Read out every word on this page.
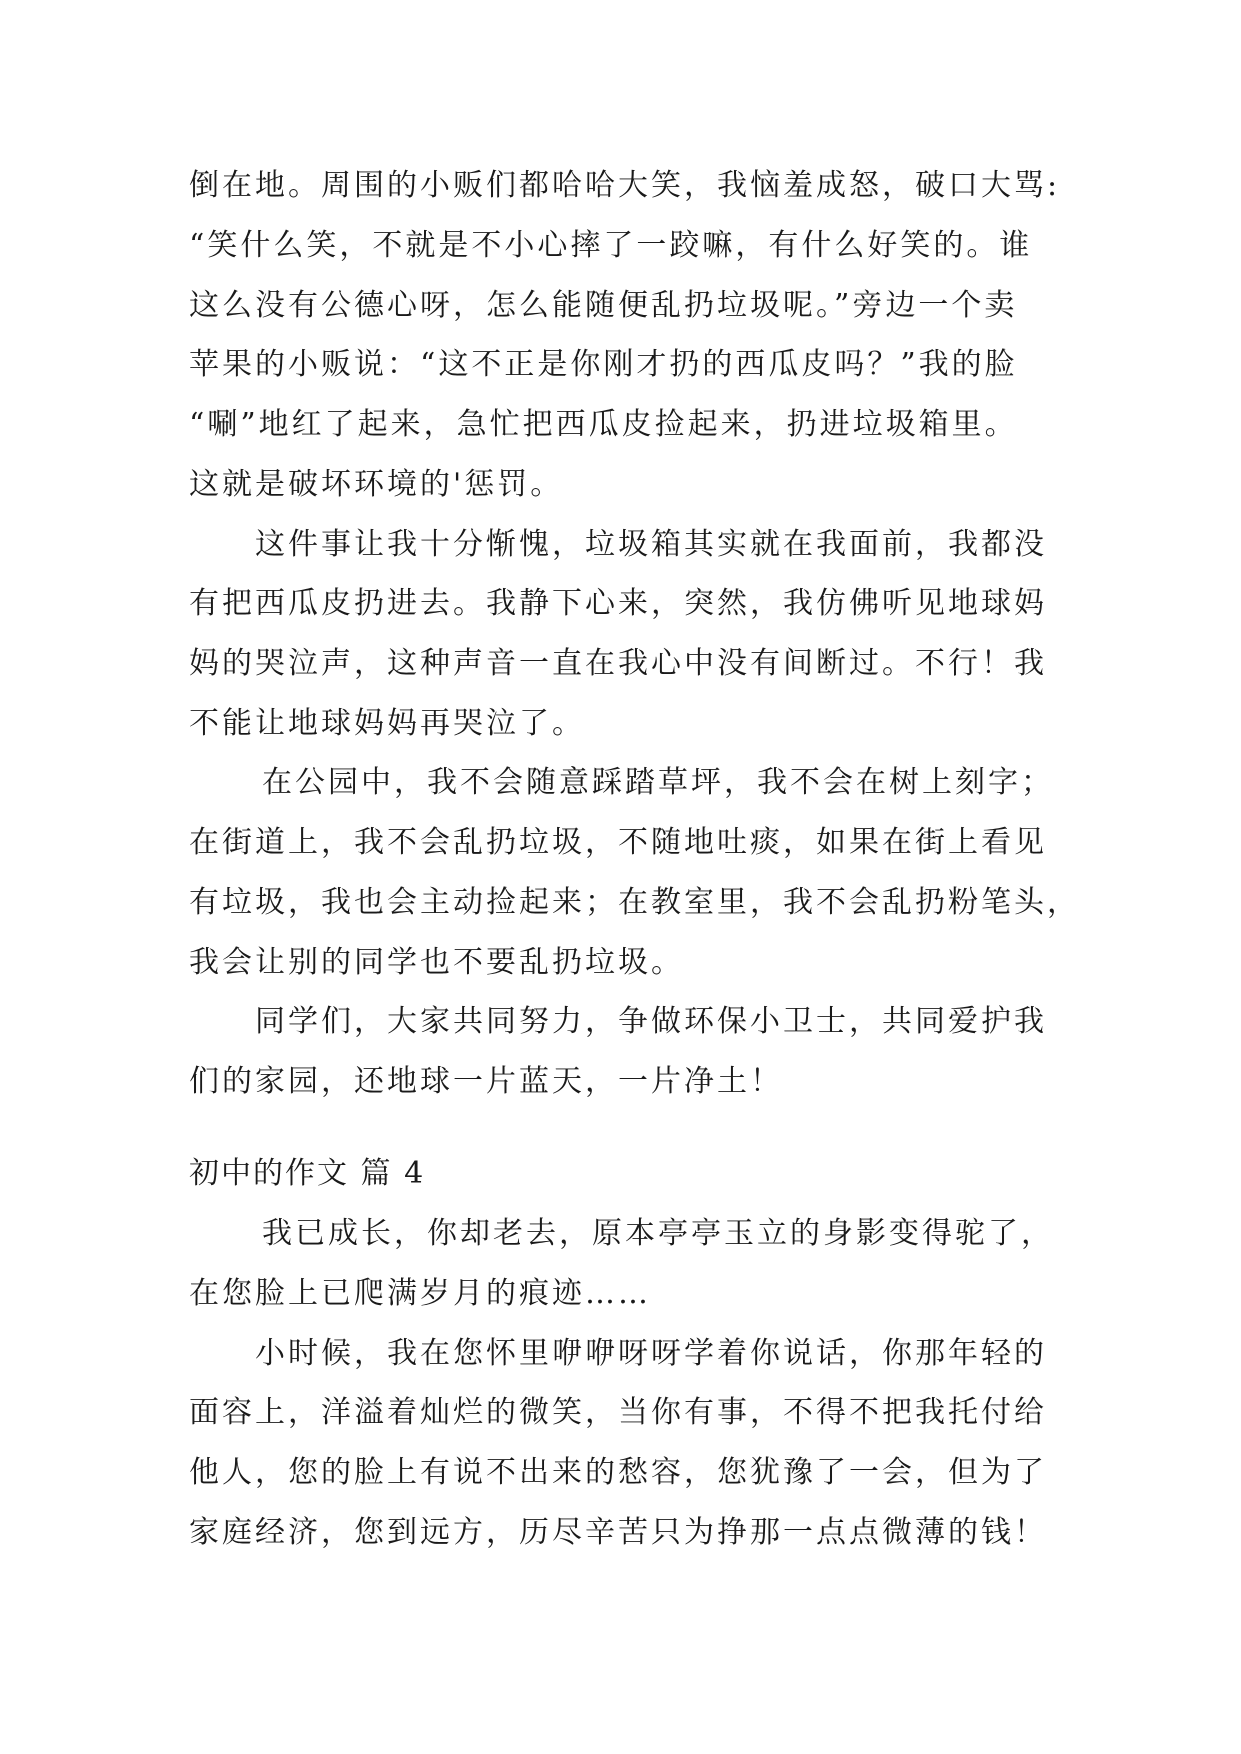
倒在地。周围的小贩们都哈哈大笑，我恼羞成怒，破口大骂:
“笑什么笑，不就是不小心摔了一跤嘛，有什么好笑的。谁
这么没有公德心呀，怎么能随便乱扔垃圾呢。”旁边一个卖
苹果的小贩说：“这不正是你刚才扔的西瓜皮吗？”我的脸
“唰”地红了起来，急忙把西瓜皮捡起来，扔进垃圾箱里。
这就是破坏环境的'惩罚。
这件事让我十分惭愧，垃圾箱其实就在我面前，我都没
有把西瓜皮扔进去。我静下心来，突然，我仿佛听见地球妈
妈的哭泣声，这种声音一直在我心中没有间断过。不行！我
不能让地球妈妈再哭泣了。
在公园中，我不会随意踩踏草坪，我不会在树上刻字；
在街道上，我不会乱扔垃圾，不随地吐痰，如果在街上看见
有垃圾，我也会主动捡起来；在教室里，我不会乱扔粉笔头，
我会让别的同学也不要乱扔垃圾。
同学们，大家共同努力，争做环保小卫士，共同爱护我
们的家园，还地球一片蓝天，一片净土！
初中的作文 篇 4
我已成长，你却老去，原本亭亭玉立的身影变得驼了，
在您脸上已爬满岁月的痕迹……
小时候，我在您怀里咿咿呀呀学着你说话，你那年轻的
面容上，洋溢着灿烂的微笑，当你有事，不得不把我托付给
他人，您的脸上有说不出来的愁容，您犹豫了一会，但为了
家庭经济，您到远方，历尽辛苦只为挣那一点点微薄的钱！
